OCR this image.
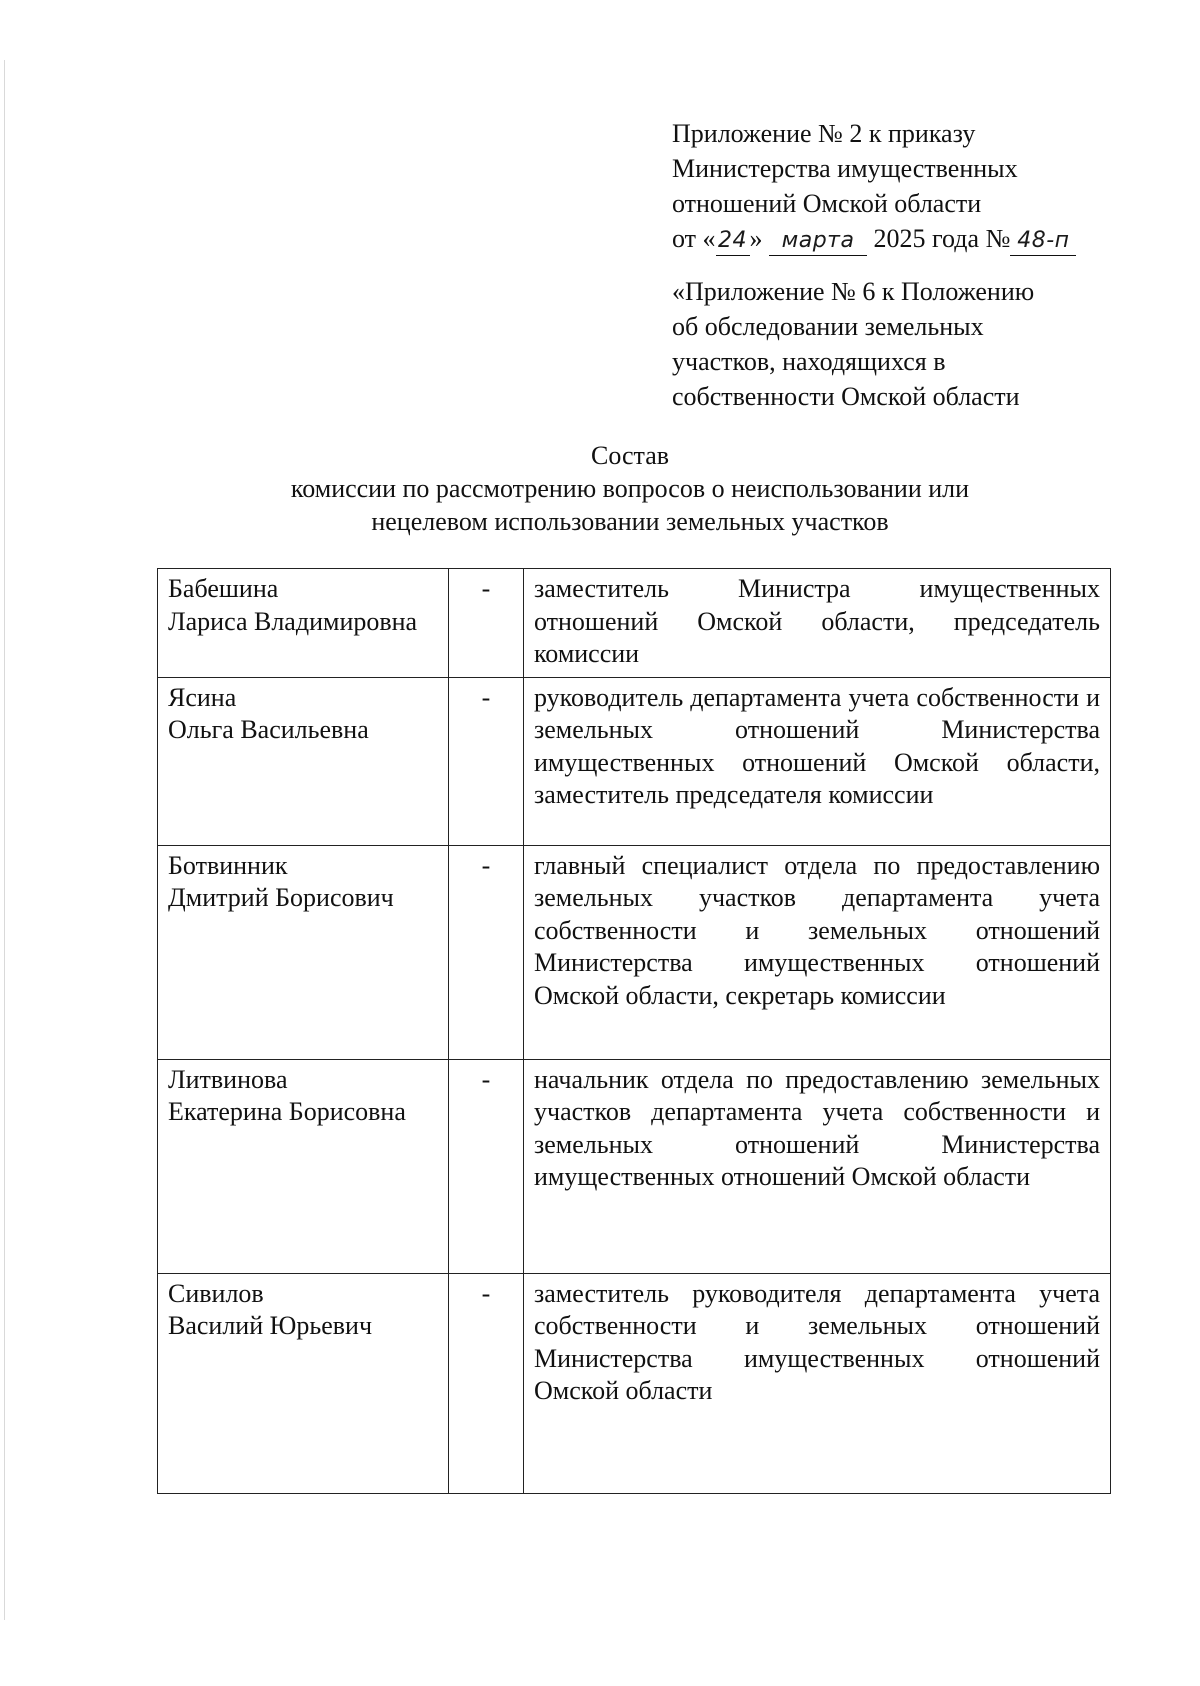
Приложение № 2 к приказу
Министерства имущественных
отношений Омской области
от « 24» марта 2025 года № 48-п
«Приложение № 6 к Положению
об обследовании земельных
участков, находящихся в
собственности Омской области
Состав
комиссии по рассмотрению вопросов о неиспользовании или
нецелевом использовании земельных участков
Бабешина
Лариса Владимировна	-	заместитель Министра имущественных отношений Омской области, председатель комиссии

Ясина
Ольга Васильевна	-	руководитель департамента учета собственности и земельных отношений Министерства имущественных отношений Омской области, заместитель председателя комиссии

Ботвинник
Дмитрий Борисович	-	главный специалист отдела по предоставлению земельных участков департамента учета собственности и земельных отношений Министерства имущественных отношений Омской области, секретарь комиссии

Литвинова
Екатерина Борисовна	-	начальник отдела по предоставлению земельных участков департамента учета собственности и земельных отношений Министерства имущественных отношений Омской области

Сивилов
Василий Юрьевич	-	заместитель руководителя департамента учета собственности и земельных отношений Министерства имущественных отношений Омской области
